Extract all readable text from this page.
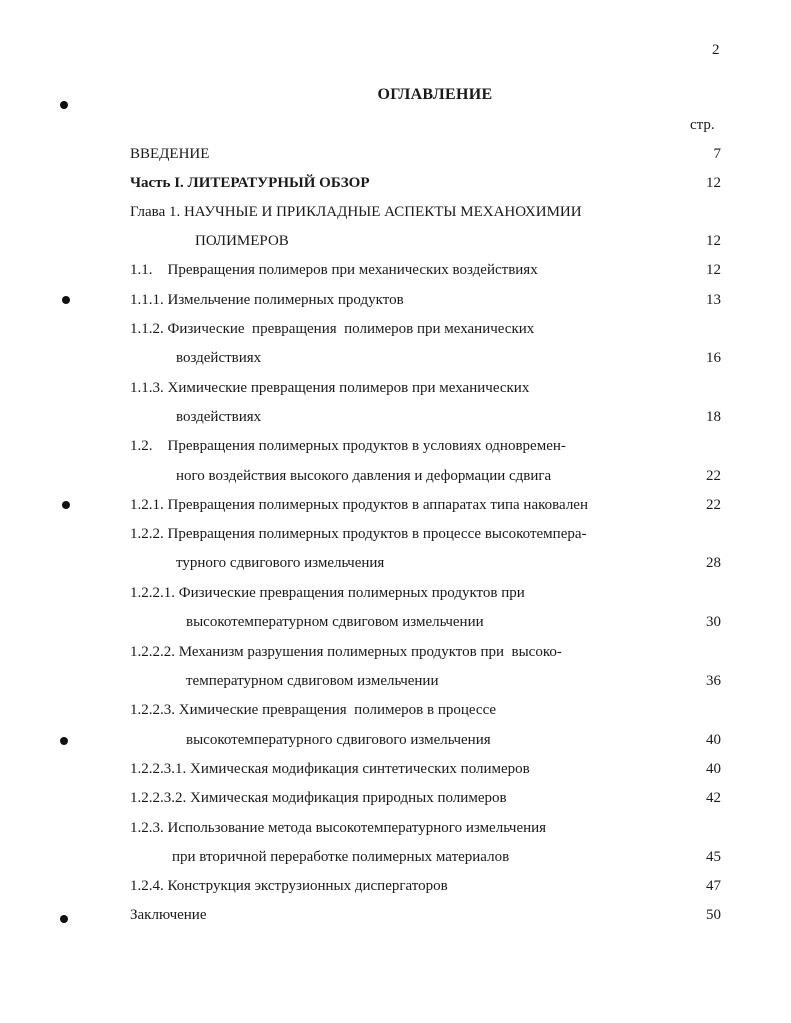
2
ОГЛАВЛЕНИЕ
стр.
ВВЕДЕНИЕ	7
Часть I. ЛИТЕРАТУРНЫЙ ОБЗОР	12
Глава 1. НАУЧНЫЕ И ПРИКЛАДНЫЕ АСПЕКТЫ МЕХАНОХИМИИ
ПОЛИМЕРОВ	12
1.1.    Превращения полимеров при механических воздействиях	12
1.1.1. Измельчение полимерных продуктов	13
1.1.2. Физические  превращения  полимеров при механических
воздействиях	16
1.1.3. Химические превращения полимеров при механических
воздействиях	18
1.2.    Превращения полимерных продуктов в условиях одновремен-
ного воздействия высокого давления и деформации сдвига	22
1.2.1. Превращения полимерных продуктов в аппаратах типа наковален	22
1.2.2. Превращения полимерных продуктов в процессе высокотемпера-
турного сдвигового измельчения	28
1.2.2.1. Физические превращения полимерных продуктов при
высокотемпературном сдвиговом измельчении	30
1.2.2.2. Механизм разрушения полимерных продуктов при  высоко-
температурном сдвиговом измельчении	36
1.2.2.3. Химические превращения  полимеров в процессе
высокотемпературного сдвигового измельчения	40
1.2.2.3.1. Химическая модификация синтетических полимеров	40
1.2.2.3.2. Химическая модификация природных полимеров	42
1.2.3. Использование метода высокотемпературного измельчения
при вторичной переработке полимерных материалов	45
1.2.4. Конструкция экструзионных диспергаторов	47
Заключение	50
